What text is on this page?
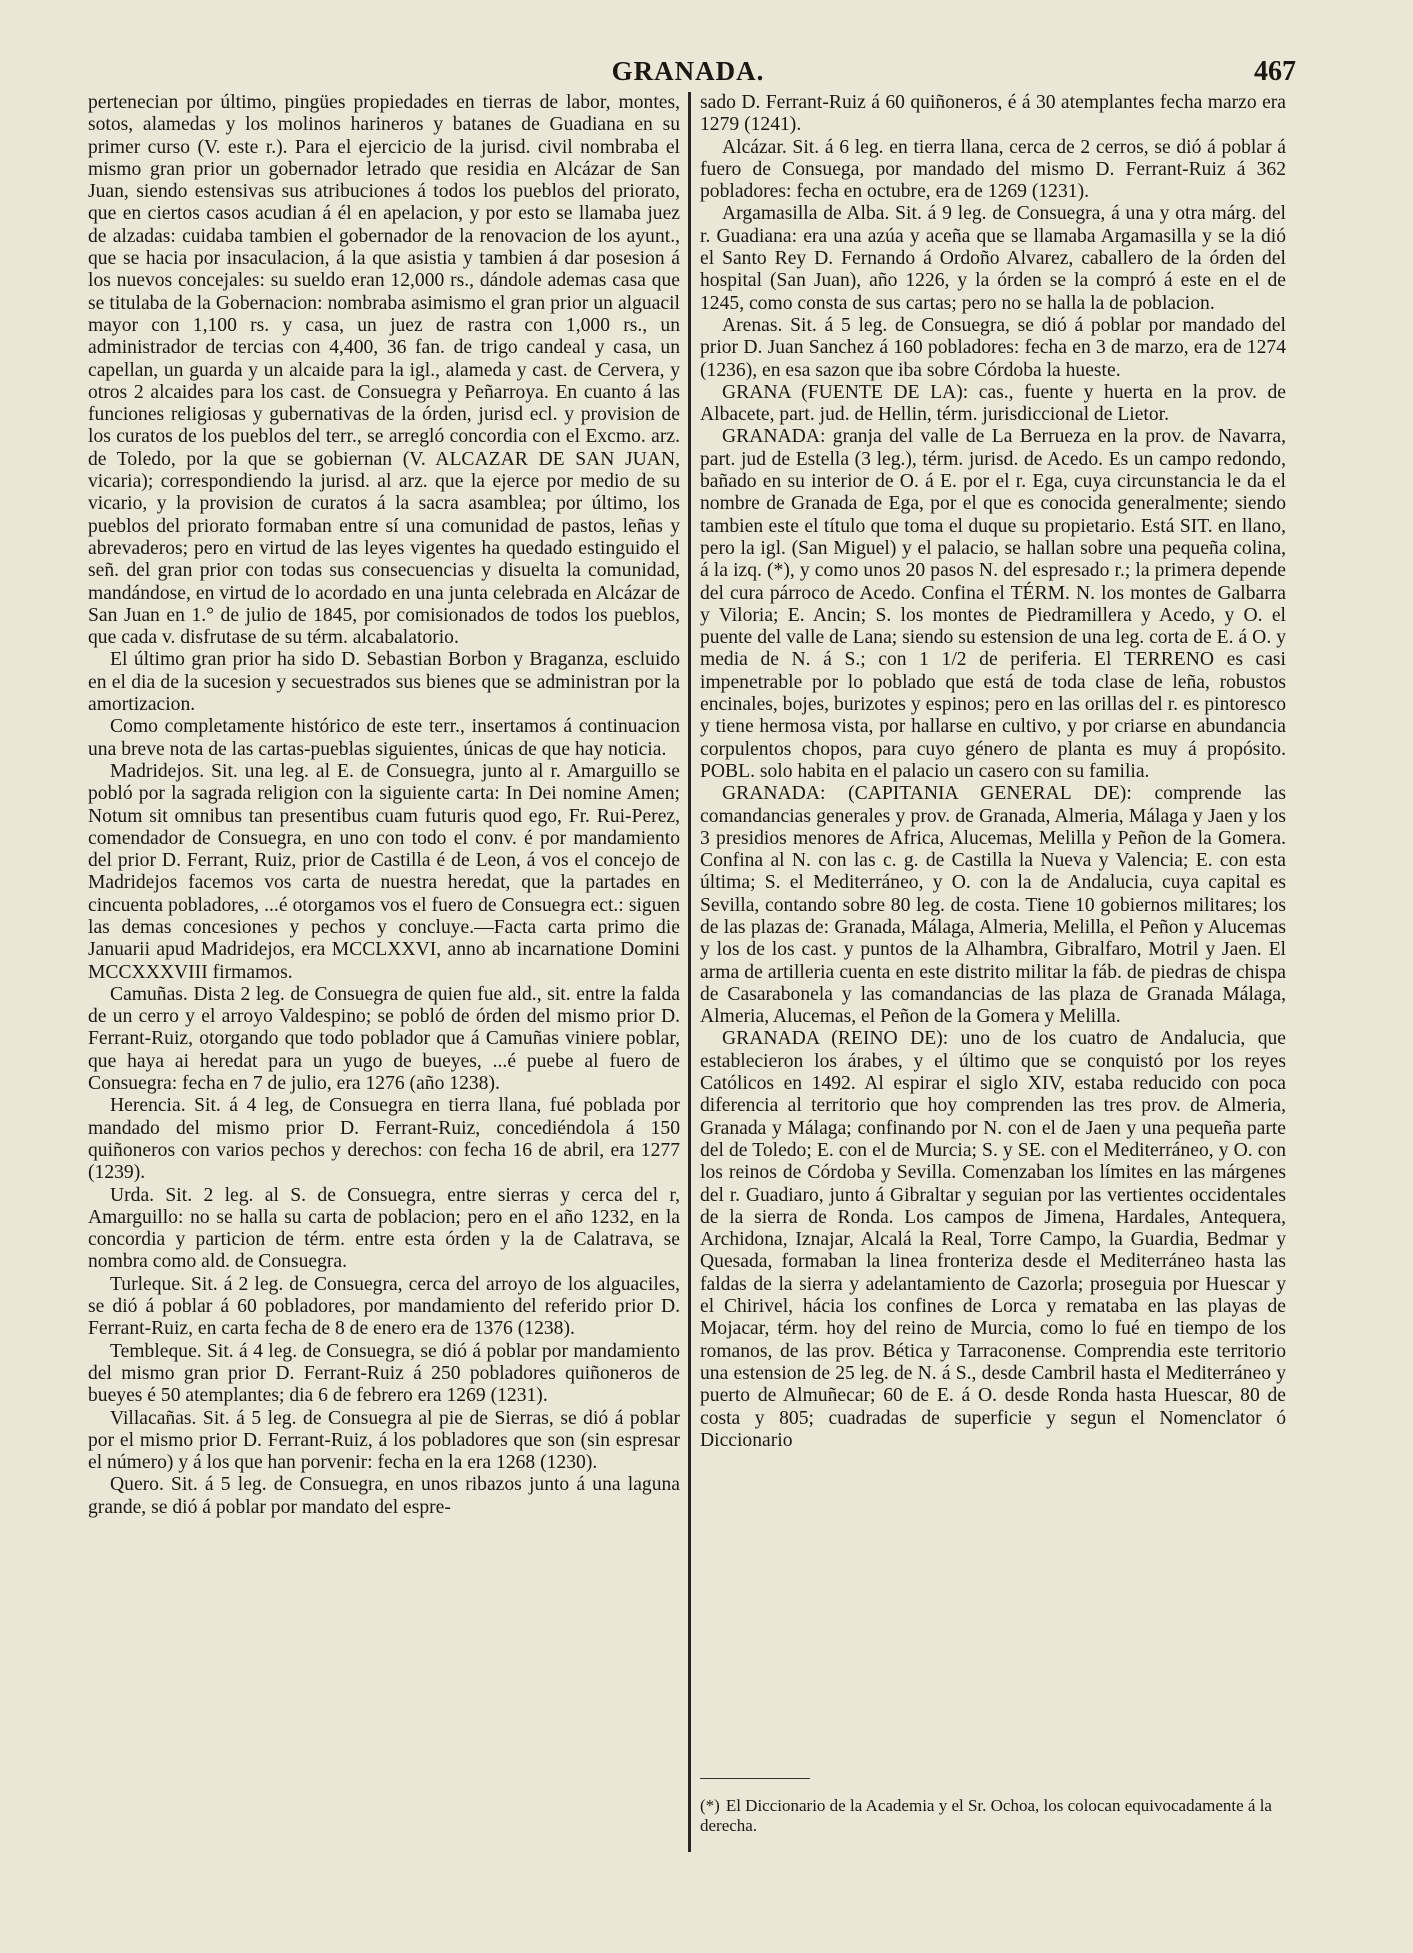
GRANADA.	467

pertenecian por último, pingües propiedades en tierras de labor, montes, sotos, alamedas y los molinos harineros y batanes de Guadiana en su primer curso (V. este r.). Para el ejercicio de la jurisd. civil nombraba el mismo gran prior un gobernador letrado que residia en Alcázar de San Juan, siendo estensivas sus atribuciones á todos los pueblos del priorato, que en ciertos casos acudian á él en apelacion, y por esto se llamaba juez de alzadas: cuidaba tambien el gobernador de la renovacion de los ayunt., que se hacia por insaculacion, á la que asistia y tambien á dar posesion á los nuevos concejales: su sueldo eran 12,000 rs., dándole ademas casa que se titulaba de la Gobernacion: nombraba asimismo el gran prior un alguacil mayor con 1,100 rs. y casa, un juez de rastra con 1,000 rs., un administrador de tercias con 4,400, 36 fan. de trigo candeal y casa, un capellan, un guarda y un alcaide para la igl., alameda y cast. de Cervera, y otros 2 alcaides para los cast. de Consuegra y Peñarroya. En cuanto á las funciones religiosas y gubernativas de la órden, jurisd ecl. y provision de los curatos de los pueblos del terr., se arregló concordia con el Excmo. arz. de Toledo, por la que se gobiernan (V. ALCAZAR DE SAN JUAN, vicaria); correspondiendo la jurisd. al arz. que la ejerce por medio de su vicario, y la provision de curatos á la sacra asamblea; por último, los pueblos del priorato formaban entre sí una comunidad de pastos, leñas y abrevaderos; pero en virtud de las leyes vigentes ha quedado estinguido el señ. del gran prior con todas sus consecuencias y disuelta la comunidad, mandándose, en virtud de lo acordado en una junta celebrada en Alcázar de San Juan en 1.° de julio de 1845, por comisionados de todos los pueblos, que cada v. disfrutase de su térm. alcabalatorio.

El último gran prior ha sido D. Sebastian Borbon y Braganza, escluido en el dia de la sucesion y secuestrados sus bienes que se administran por la amortizacion.

Como completamente histórico de este terr., insertamos á continuacion una breve nota de las cartas-pueblas siguientes, únicas de que hay noticia.

Madridejos. Sit. una leg. al E. de Consuegra, junto al r. Amarguillo se pobló por la sagrada religion con la siguiente carta: In Dei nomine Amen; Notum sit omnibus tan presentibus cuam futuris quod ego, Fr. Rui-Perez, comendador de Consuegra, en uno con todo el conv. é por mandamiento del prior D. Ferrant, Ruiz, prior de Castilla é de Leon, á vos el concejo de Madridejos facemos vos carta de nuestra heredat, que la partades en cincuenta pobladores, ...é otorgamos vos el fuero de Consuegra ect.: siguen las demas concesiones y pechos y concluye.—Facta carta primo die Januarii apud Madridejos, era MCCLXXVI, anno ab incarnatione Domini MCCXXXVIII firmamos.

Camuñas. Dista 2 leg. de Consuegra de quien fue ald., sit. entre la falda de un cerro y el arroyo Valdespino; se pobló de órden del mismo prior D. Ferrant-Ruiz, otorgando que todo poblador que á Camuñas viniere poblar, que haya ai heredat para un yugo de bueyes, ...é puebe al fuero de Consuegra: fecha en 7 de julio, era 1276 (año 1238).

Herencia. Sit. á 4 leg, de Consuegra en tierra llana, fué poblada por mandado del mismo prior D. Ferrant-Ruiz, concediéndola á 150 quiñoneros con varios pechos y derechos: con fecha 16 de abril, era 1277 (1239).

Urda. Sit. 2 leg. al S. de Consuegra, entre sierras y cerca del r, Amarguillo: no se halla su carta de poblacion; pero en el año 1232, en la concordia y particion de térm. entre esta órden y la de Calatrava, se nombra como ald. de Consuegra.

Turleque. Sit. á 2 leg. de Consuegra, cerca del arroyo de los alguaciles, se dió á poblar á 60 pobladores, por mandamiento del referido prior D. Ferrant-Ruiz, en carta fecha de 8 de enero era de 1376 (1238).

Tembleque. Sit. á 4 leg. de Consuegra, se dió á poblar por mandamiento del mismo gran prior D. Ferrant-Ruiz á 250 pobladores quiñoneros de bueyes é 50 atemplantes; dia 6 de febrero era 1269 (1231).

Villacañas. Sit. á 5 leg. de Consuegra al pie de Sierras, se dió á poblar por el mismo prior D. Ferrant-Ruiz, á los pobladores que son (sin espresar el número) y á los que han porvenir: fecha en la era 1268 (1230).

Quero. Sit. á 5 leg. de Consuegra, en unos ribazos junto á una laguna grande, se dió á poblar por mandato del espre-

sado D. Ferrant-Ruiz á 60 quiñoneros, é á 30 atemplantes fecha marzo era 1279 (1241).

Alcázar. Sit. á 6 leg. en tierra llana, cerca de 2 cerros, se dió á poblar á fuero de Consuega, por mandado del mismo D. Ferrant-Ruiz á 362 pobladores: fecha en octubre, era de 1269 (1231).

Argamasilla de Alba. Sit. á 9 leg. de Consuegra, á una y otra márg. del r. Guadiana: era una azúa y aceña que se llamaba Argamasilla y se la dió el Santo Rey D. Fernando á Ordoño Alvarez, caballero de la órden del hospital (San Juan), año 1226, y la órden se la compró á este en el de 1245, como consta de sus cartas; pero no se halla la de poblacion.

Arenas. Sit. á 5 leg. de Consuegra, se dió á poblar por mandado del prior D. Juan Sanchez á 160 pobladores: fecha en 3 de marzo, era de 1274 (1236), en esa sazon que iba sobre Córdoba la hueste.

GRANA (FUENTE DE LA): cas., fuente y huerta en la prov. de Albacete, part. jud. de Hellin, térm. jurisdiccional de Lietor.

GRANADA: granja del valle de La Berrueza en la prov. de Navarra, part. jud de Estella (3 leg.), térm. jurisd. de Acedo. Es un campo redondo, bañado en su interior de O. á E. por el r. Ega, cuya circunstancia le da el nombre de Granada de Ega, por el que es conocida generalmente; siendo tambien este el título que toma el duque su propietario. Está SIT. en llano, pero la igl. (San Miguel) y el palacio, se hallan sobre una pequeña colina, á la izq. (*), y como unos 20 pasos N. del espresado r.; la primera depende del cura párroco de Acedo. Confina el TÉRM. N. los montes de Galbarra y Viloria; E. Ancin; S. los montes de Piedramillera y Acedo, y O. el puente del valle de Lana; siendo su estension de una leg. corta de E. á O. y media de N. á S.; con 1 1/2 de periferia. El TERRENO es casi impenetrable por lo poblado que está de toda clase de leña, robustos encinales, bojes, burizotes y espinos; pero en las orillas del r. es pintoresco y tiene hermosa vista, por hallarse en cultivo, y por criarse en abundancia corpulentos chopos, para cuyo género de planta es muy á propósito. POBL. solo habita en el palacio un casero con su familia.

GRANADA: (CAPITANIA GENERAL DE): comprende las comandancias generales y prov. de Granada, Almeria, Málaga y Jaen y los 3 presidios menores de Africa, Alucemas, Melilla y Peñon de la Gomera. Confina al N. con las c. g. de Castilla la Nueva y Valencia; E. con esta última; S. el Mediterráneo, y O. con la de Andalucia, cuya capital es Sevilla, contando sobre 80 leg. de costa. Tiene 10 gobiernos militares; los de las plazas de: Granada, Málaga, Almeria, Melilla, el Peñon y Alucemas y los de los cast. y puntos de la Alhambra, Gibralfaro, Motril y Jaen. El arma de artilleria cuenta en este distrito militar la fáb. de piedras de chispa de Casarabonela y las comandancias de las plaza de Granada Málaga, Almeria, Alucemas, el Peñon de la Gomera y Melilla.

GRANADA (REINO DE): uno de los cuatro de Andalucia, que establecieron los árabes, y el último que se conquistó por los reyes Católicos en 1492. Al espirar el siglo XIV, estaba reducido con poca diferencia al territorio que hoy comprenden las tres prov. de Almeria, Granada y Málaga; confinando por N. con el de Jaen y una pequeña parte del de Toledo; E. con el de Murcia; S. y SE. con el Mediterráneo, y O. con los reinos de Córdoba y Sevilla. Comenzaban los límites en las márgenes del r. Guadiaro, junto á Gibraltar y seguian por las vertientes occidentales de la sierra de Ronda. Los campos de Jimena, Hardales, Antequera, Archidona, Iznajar, Alcalá la Real, Torre Campo, la Guardia, Bedmar y Quesada, formaban la linea fronteriza desde el Mediterráneo hasta las faldas de la sierra y adelantamiento de Cazorla; proseguia por Huescar y el Chirivel, hácia los confines de Lorca y remataba en las playas de Mojacar, térm. hoy del reino de Murcia, como lo fué en tiempo de los romanos, de las prov. Bética y Tarraconense. Comprendia este territorio una estension de 25 leg. de N. á S., desde Cambril hasta el Mediterráneo y puerto de Almuñecar; 60 de E. á O. desde Ronda hasta Huescar, 80 de costa y 805; cuadradas de superficie y segun el Nomenclator ó Diccionario

(*) El Diccionario de la Academia y el Sr. Ochoa, los colocan equivocadamente á la derecha.
